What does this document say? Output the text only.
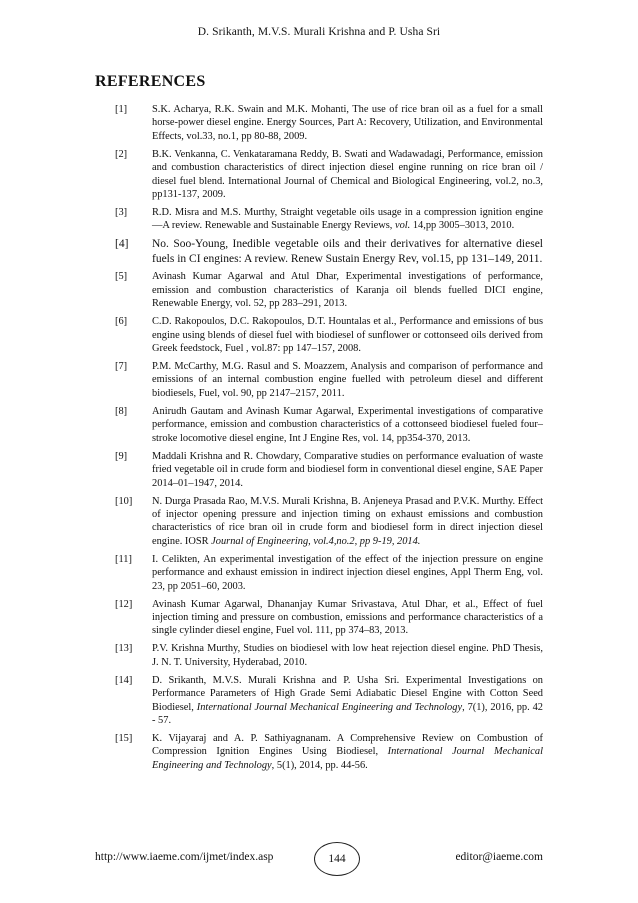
D. Srikanth, M.V.S. Murali Krishna and P. Usha Sri
REFERENCES
[1]	S.K. Acharya, R.K. Swain and M.K. Mohanti, The use of rice bran oil as a fuel for a small horse-power diesel engine. Energy Sources, Part A: Recovery, Utilization, and Environmental Effects, vol.33, no.1, pp 80-88, 2009.
[2]	B.K. Venkanna, C. Venkataramana Reddy, B. Swati and Wadawadagi, Performance, emission and combustion characteristics of direct injection diesel engine running on rice bran oil / diesel fuel blend. International Journal of Chemical and Biological Engineering, vol.2, no.3, pp131-137, 2009.
[3]	R.D. Misra and M.S. Murthy, Straight vegetable oils usage in a compression ignition engine—A review. Renewable and Sustainable Energy Reviews, vol. 14,pp 3005–3013, 2010.
[4]	No. Soo-Young, Inedible vegetable oils and their derivatives for alternative diesel fuels in CI engines: A review. Renew Sustain Energy Rev, vol.15, pp 131–149, 2011.
[5]	Avinash Kumar Agarwal and Atul Dhar, Experimental investigations of performance, emission and combustion characteristics of Karanja oil blends fuelled DICI engine, Renewable Energy, vol. 52, pp 283–291, 2013.
[6]	C.D. Rakopoulos, D.C. Rakopoulos, D.T. Hountalas et al., Performance and emissions of bus engine using blends of diesel fuel with biodiesel of sunflower or cottonseed oils derived from Greek feedstock, Fuel , vol.87: pp 147–157, 2008.
[7]	P.M. McCarthy, M.G. Rasul and S. Moazzem, Analysis and comparison of performance and emissions of an internal combustion engine fuelled with petroleum diesel and different biodiesels, Fuel, vol. 90, pp 2147–2157, 2011.
[8]	Anirudh Gautam and Avinash Kumar Agarwal, Experimental investigations of comparative performance, emission and combustion characteristics of a cottonseed biodiesel fueled four–stroke locomotive diesel engine, Int J Engine Res, vol. 14, pp354-370, 2013.
[9]	Maddali Krishna and R. Chowdary, Comparative studies on performance evaluation of waste fried vegetable oil in crude form and biodiesel form in conventional diesel engine, SAE Paper 2014–01–1947, 2014.
[10]	N. Durga Prasada Rao, M.V.S. Murali Krishna, B. Anjeneya Prasad and P.V.K. Murthy. Effect of injector opening pressure and injection timing on exhaust emissions and combustion characteristics of rice bran oil in crude form and biodiesel form in direct injection diesel engine. IOSR Journal of Engineering, vol.4,no.2, pp 9-19, 2014.
[11]	I. Celikten, An experimental investigation of the effect of the injection pressure on engine performance and exhaust emission in indirect injection diesel engines, Appl Therm Eng, vol. 23, pp 2051–60, 2003.
[12]	Avinash Kumar Agarwal, Dhananjay Kumar Srivastava, Atul Dhar, et al., Effect of fuel injection timing and pressure on combustion, emissions and performance characteristics of a single cylinder diesel engine, Fuel vol. 111, pp 374–83, 2013.
[13]	P.V. Krishna Murthy, Studies on biodiesel with low heat rejection diesel engine. PhD Thesis, J. N. T. University, Hyderabad, 2010.
[14]	D. Srikanth, M.V.S. Murali Krishna and P. Usha Sri. Experimental Investigations on Performance Parameters of High Grade Semi Adiabatic Diesel Engine with Cotton Seed Biodiesel, International Journal Mechanical Engineering and Technology, 7(1), 2016, pp. 42 - 57.
[15]	K. Vijayaraj and A. P. Sathiyagnanam. A Comprehensive Review on Combustion of Compression Ignition Engines Using Biodiesel, International Journal Mechanical Engineering and Technology, 5(1), 2014, pp. 44-56.
http://www.iaeme.com/ijmet/index.asp	144	editor@iaeme.com
